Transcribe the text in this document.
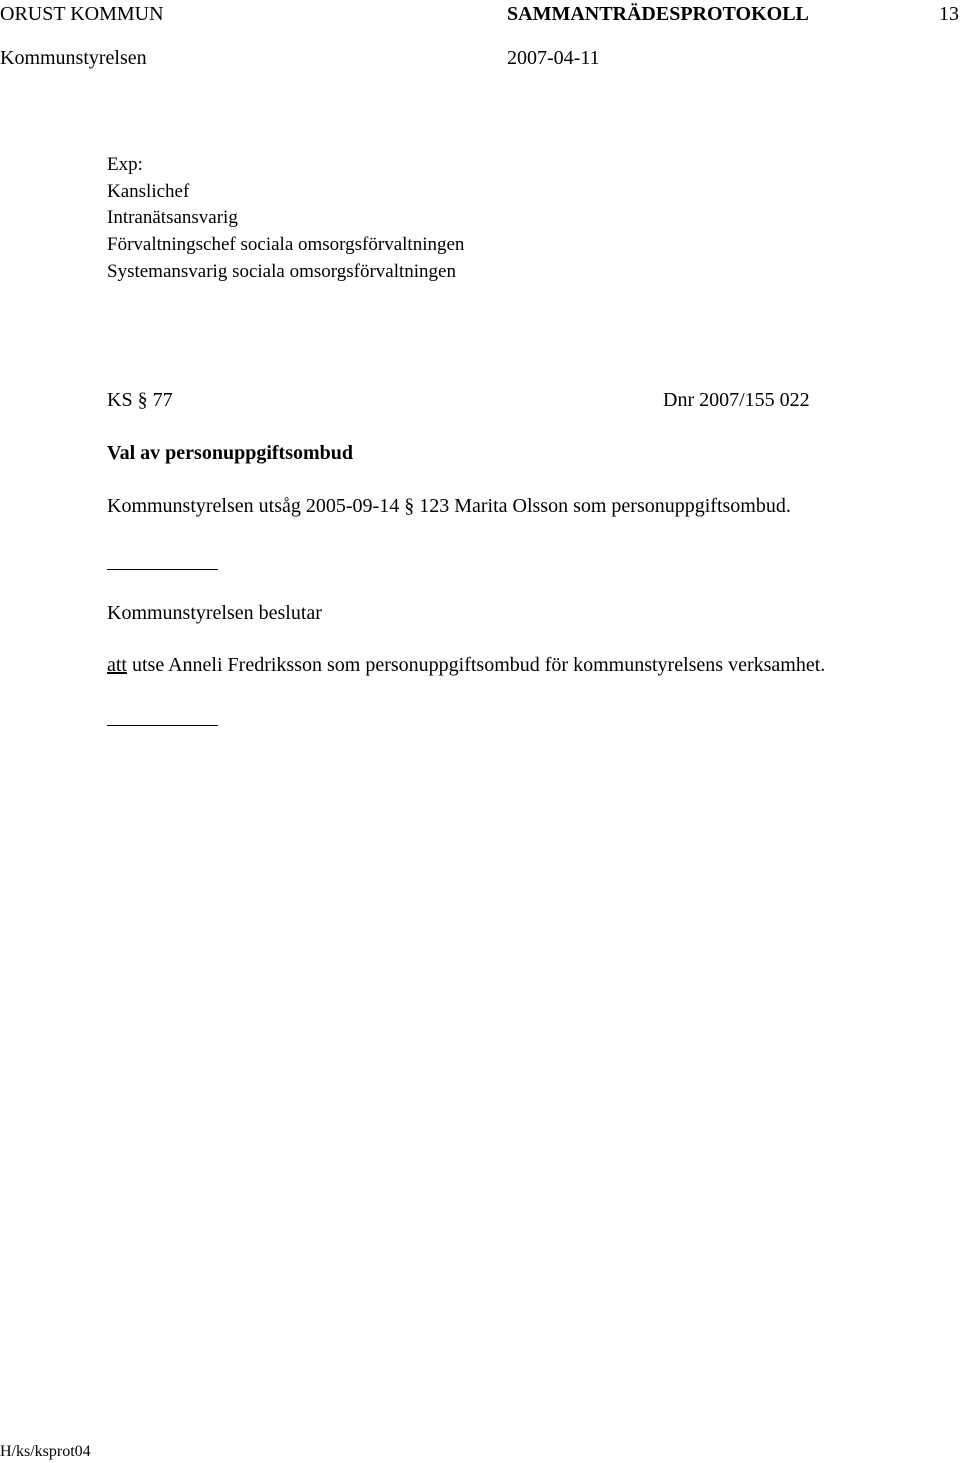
ORUST KOMMUN	SAMMANTRÄDESPROTOKOLL	13
Kommunstyrelsen	2007-04-11
Exp:
Kanslichef
Intranätsansvarig
Förvaltningschef sociala omsorgsförvaltningen
Systemansvarig sociala omsorgsförvaltningen
KS § 77	Dnr 2007/155 022
Val av personuppgiftsombud
Kommunstyrelsen utsåg 2005-09-14 § 123 Marita Olsson som personuppgiftsombud.
Kommunstyrelsen beslutar
att utse Anneli Fredriksson som personuppgiftsombud för kommunstyrelsens verksamhet.
H/ks/ksprot04
